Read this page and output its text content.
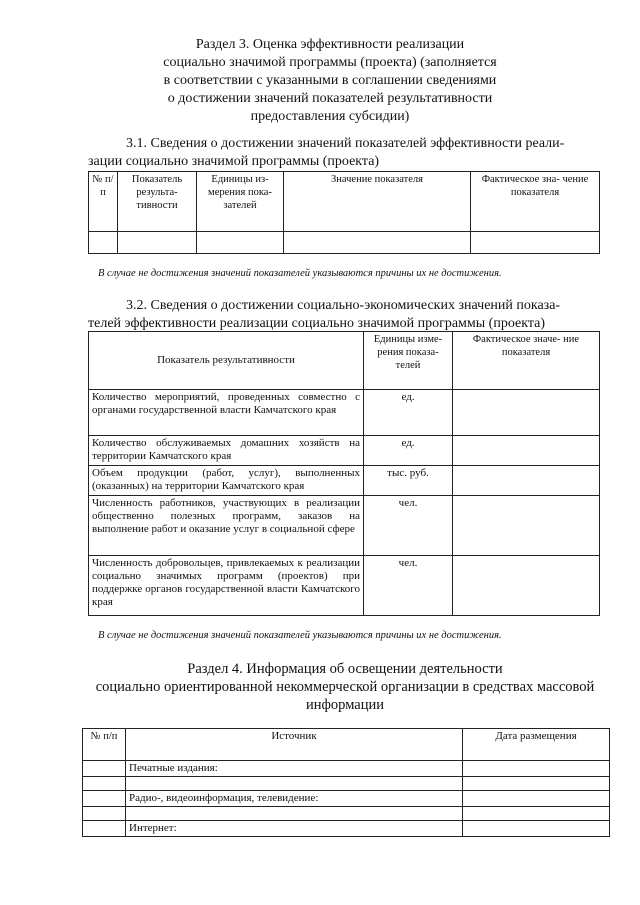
Раздел 3. Оценка эффективности реализации
социально значимой программы (проекта) (заполняется
в соответствии с указанными в соглашении сведениями
о достижении значений показателей результативности
предоставления субсидии)
3.1. Сведения о достижении значений показателей эффективности реали-
зации социально значимой программы (проекта)
№ п/п	Показатель результа- тивности	Единицы из- мерения пока- зателей	Значение показателя	Фактическое зна- чение показателя

В случае не достижения значений показателей указываются причины их не достижения.
3.2. Сведения о достижении социально-экономических значений показа-
телей эффективности реализации социально значимой программы (проекта)
Показатель результативности	Единицы изме- рения показа- телей	Фактическое значе- ние показателя
Количество мероприятий, проведенных совместно с органами государственной власти Камчатского края	ед.	
Количество обслуживаемых домашних хозяйств на территории Камчатского края	ед.	
Объем продукции (работ, услуг), выполненных (оказанных) на территории Камчатского края	тыс. руб.	
Численность работников, участвующих в реализации общественно полезных программ, заказов на выполнение работ и оказание услуг в социальной сфере	чел.	
Численность добровольцев, привлекаемых к реализации социально значимых программ (проектов) при поддержке органов государственной власти Камчатского края	чел.	
В случае не достижения значений показателей указываются причины их не достижения.
Раздел 4. Информация об освещении деятельности
социально ориентированной некоммерческой организации в средствах массовой
информации
№ п/п	Источник	Дата размещения
	Печатные издания:	

	Радио-, видеоинформация, телевидение:	

	Интернет:	
